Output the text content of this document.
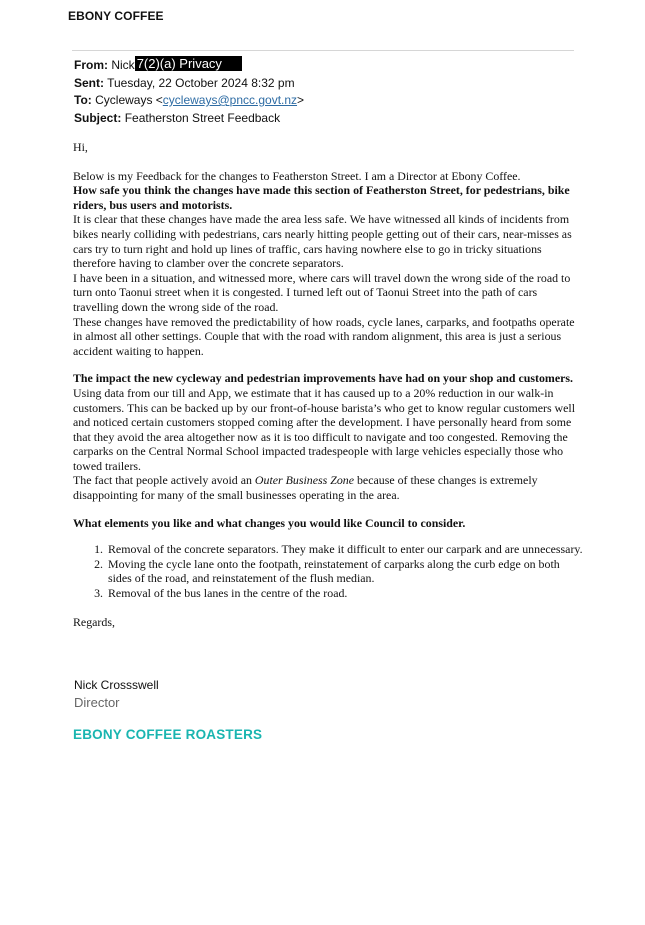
EBONY COFFEE
From: Nick 7(2)(a) Privacy
Sent: Tuesday, 22 October 2024 8:32 pm
To: Cycleways <cycleways@pncc.govt.nz>
Subject: Featherston Street Feedback

Hi,

Below is my Feedback for the changes to Featherston Street. I am a Director at Ebony Coffee.

How safe you think the changes have made this section of Featherston Street, for pedestrians, bike riders, bus users and motorists.

It is clear that these changes have made the area less safe. We have witnessed all kinds of incidents from bikes nearly colliding with pedestrians, cars nearly hitting people getting out of their cars, near-misses as cars try to turn right and hold up lines of traffic, cars having nowhere else to go in tricky situations therefore having to clamber over the concrete separators.

I have been in a situation, and witnessed more, where cars will travel down the wrong side of the road to turn onto Taonui street when it is congested. I turned left out of Taonui Street into the path of cars travelling down the wrong side of the road.

These changes have removed the predictability of how roads, cycle lanes, carparks, and footpaths operate in almost all other settings. Couple that with the road with random alignment, this area is just a serious accident waiting to happen.

The impact the new cycleway and pedestrian improvements have had on your shop and customers.

Using data from our till and App, we estimate that it has caused up to a 20% reduction in our walk-in customers. This can be backed up by our front-of-house barista’s who get to know regular customers well and noticed certain customers stopped coming after the development. I have personally heard from some that they avoid the area altogether now as it is too difficult to navigate and too congested. Removing the carparks on the Central Normal School impacted tradespeople with large vehicles especially those who towed trailers.

The fact that people actively avoid an Outer Business Zone because of these changes is extremely disappointing for many of the small businesses operating in the area.

What elements you like and what changes you would like Council to consider.

1. Removal of the concrete separators. They make it difficult to enter our carpark and are unnecessary.
2. Moving the cycle lane onto the footpath, reinstatement of carparks along the curb edge on both sides of the road, and reinstatement of the flush median.
3. Removal of the bus lanes in the centre of the road.

Regards,

Nick Crossswell
Director
EBONY COFFEE ROASTERS
